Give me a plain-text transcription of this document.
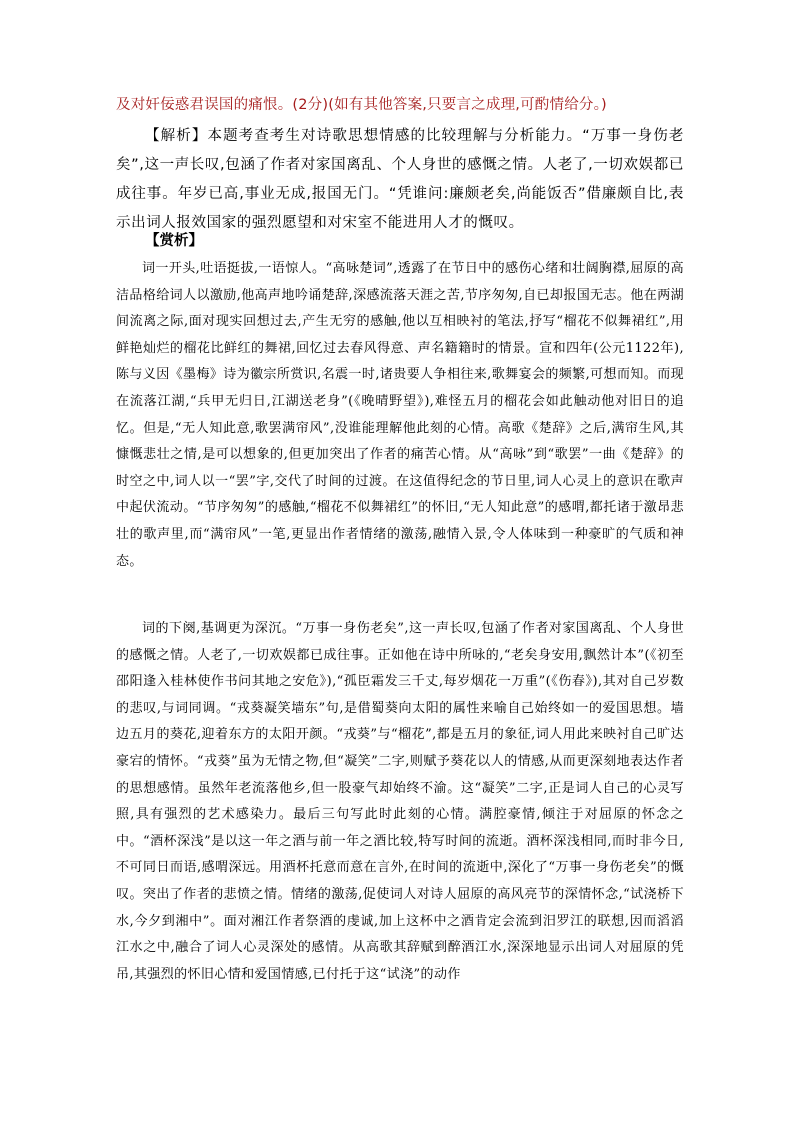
及对奸佞惑君误国的痛恨。(2分)(如有其他答案,只要言之成理,可酌情给分。)
【解析】本题考查考生对诗歌思想情感的比较理解与分析能力。“万事一身伤老矣”,这一声长叹,包涵了作者对家国离乱、个人身世的感慨之情。人老了,一切欢娱都已成往事。年岁已高,事业无成,报国无门。“凭谁问:廉颇老矣,尚能饭否”借廉颇自比,表示出词人报效国家的强烈愿望和对宋室不能进用人才的慨叹。
【赏析】
词一开头,吐语挺拔,一语惊人。“高咏楚词”,透露了在节日中的感伤心绪和壮阔胸襟,屈原的高洁品格给词人以激励,他高声地吟诵楚辞,深感流落天涯之苦,节序匆匆,自已却报国无志。他在两湖间流离之际,面对现实回想过去,产生无穷的感触,他以互相映衬的笔法,抒写“榴花不似舞裙红”,用鲜艳灿烂的榴花比鲜红的舞裙,回忆过去春风得意、声名籍籍时的情景。宣和四年(公元1122年),陈与义因《墨梅》诗为徽宗所赏识,名震一时,诸贵要人争相往来,歌舞宴会的频繁,可想而知。而现在流落江湖,“兵甲无归日,江湖送老身”(《晚晴野望》),难怪五月的榴花会如此触动他对旧日的追忆。但是,“无人知此意,歌罢满帘风”,没谁能理解他此刻的心情。高歌《楚辞》之后,满帘生风,其慷慨悲壮之情,是可以想象的,但更加突出了作者的痛苦心情。从“高咏”到“歌罢”一曲《楚辞》的时空之中,词人以一“罢”字,交代了时间的过渡。在这值得纪念的节日里,词人心灵上的意识在歌声中起伏流动。“节序匆匆”的感触,“榴花不似舞裙红”的怀旧,“无人知此意”的感喟,都托诸于激昂悲壮的歌声里,而“满帘风”一笔,更显出作者情绪的激荡,融情入景,令人体味到一种豪旷的气质和神态。
词的下阕,基调更为深沉。“万事一身伤老矣”,这一声长叹,包涵了作者对家国离乱、个人身世的感慨之情。人老了,一切欢娱都已成往事。正如他在诗中所咏的,“老矣身安用,飘然计本”(《初至邵阳逢入桂林使作书问其地之安危》),“孤臣霜发三千丈,每岁烟花一万重”(《伤春》),其对自己岁数的悲叹,与词同调。“戎葵凝笑墙东”句,是借蜀葵向太阳的属性来喻自己始终如一的爱国思想。墙边五月的葵花,迎着东方的太阳开颜。“戎葵”与“榴花”,都是五月的象征,词人用此来映衬自己旷达豪宕的情怀。“戎葵”虽为无情之物,但“凝笑”二字,则赋予葵花以人的情感,从而更深刻地表达作者的思想感情。虽然年老流落他乡,但一股豪气却始终不渝。这“凝笑”二字,正是词人自己的心灵写照,具有强烈的艺术感染力。最后三句写此时此刻的心情。满腔豪情,倾注于对屈原的怀念之中。“酒杯深浅”是以这一年之酒与前一年之酒比较,特写时间的流逝。酒杯深浅相同,而时非今日,不可同日而语,感喟深远。用酒杯托意而意在言外,在时间的流逝中,深化了“万事一身伤老矣”的慨叹。突出了作者的悲愤之情。情绪的激荡,促使词人对诗人屈原的高风亮节的深情怀念,“试浇桥下水,今夕到湘中”。面对湘江作者祭酒的虔诚,加上这杯中之酒肯定会流到汨罗江的联想,因而滔滔江水之中,融合了词人心灵深处的感情。从高歌其辞赋到醉酒江水,深深地显示出词人对屈原的凭吊,其强烈的怀旧心情和爱国情感,已付托于这“试浇”的动作
